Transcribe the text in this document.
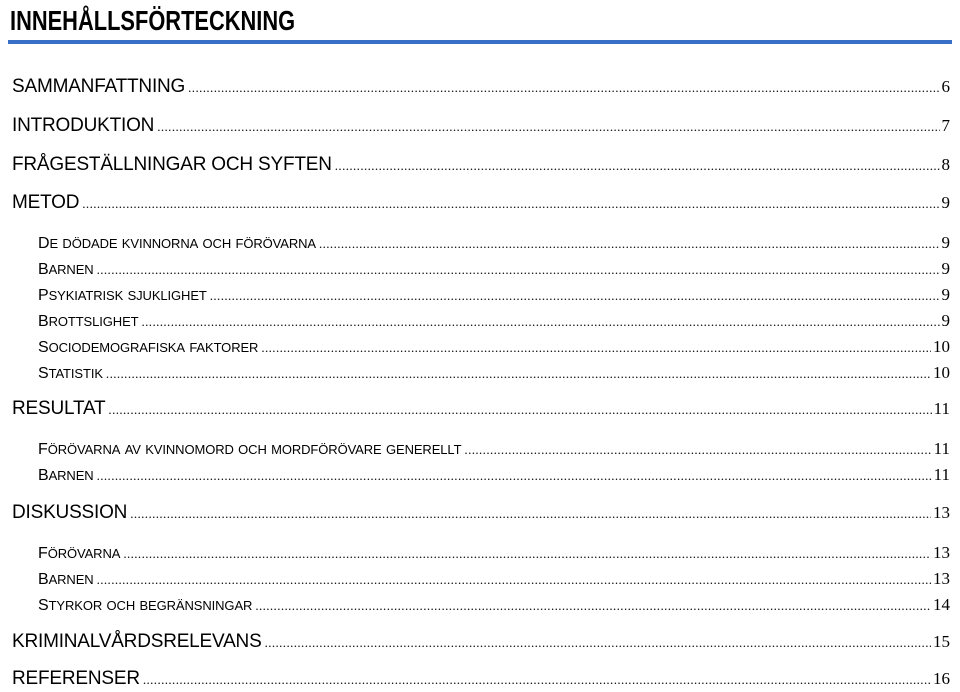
INNEHÅLLSFÖRTECKNING
SAMMANFATTNING .....	6
INTRODUKTION .....	7
FRÅGESTÄLLNINGAR OCH SYFTEN .....	8
METOD .....	9
DE DÖDADE KVINNORNA OCH FÖRÖVARNA .....	9
BARNEN .....	9
PSYKIATRISK SJUKLIGHET .....	9
BROTTSLIGHET .....	9
SOCIODEMOGRAFISKA FAKTORER .....	10
STATISTIK .....	10
RESULTAT .....	11
FÖRÖVARNA AV KVINNOMORD OCH MORDFÖRÖVARE GENERELLT .....	11
BARNEN .....	11
DISKUSSION .....	13
FÖRÖVARNA .....	13
BARNEN .....	13
STYRKOR OCH BEGRÄNSNINGAR .....	14
KRIMINALVÅRDSRELEVANS .....	15
REFERENSER .....	16
